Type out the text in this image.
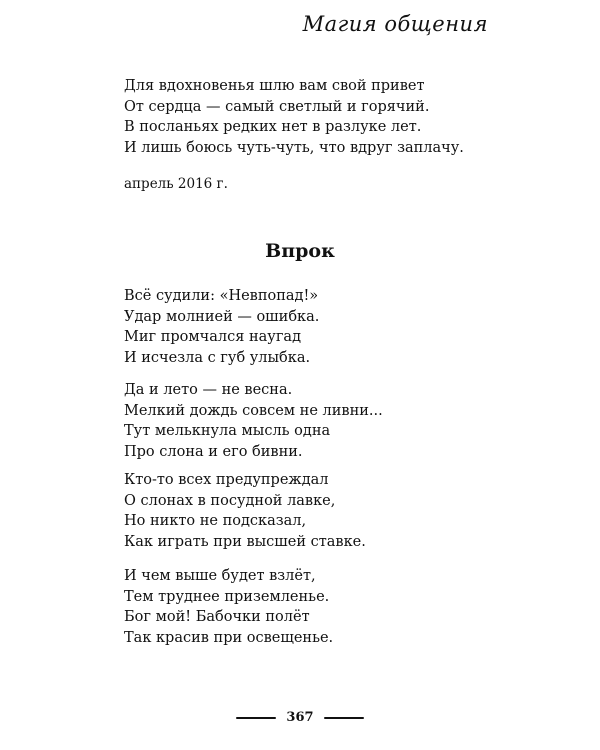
Магия общения
Для вдохновенья шлю вам свой привет
От сердца — самый светлый и горячий.
В посланьях редких нет в разлуке лет.
И лишь боюсь чуть-чуть, что вдруг заплачу.
апрель 2016 г.
Впрок
Всё судили: «Невпопад!»
Удар молнией — ошибка.
Миг промчался наугад
И исчезла с губ улыбка.
Да и лето — не весна.
Мелкий дождь совсем не ливни...
Тут мелькнула мысль одна
Про слона и его бивни.
Кто-то всех предупреждал
О слонах в посудной лавке,
Но никто не подсказал,
Как играть при высшей ставке.
И чем выше будет взлёт,
Тем труднее приземленье.
Бог мой! Бабочки полёт
Так красив при освещенье.
367
